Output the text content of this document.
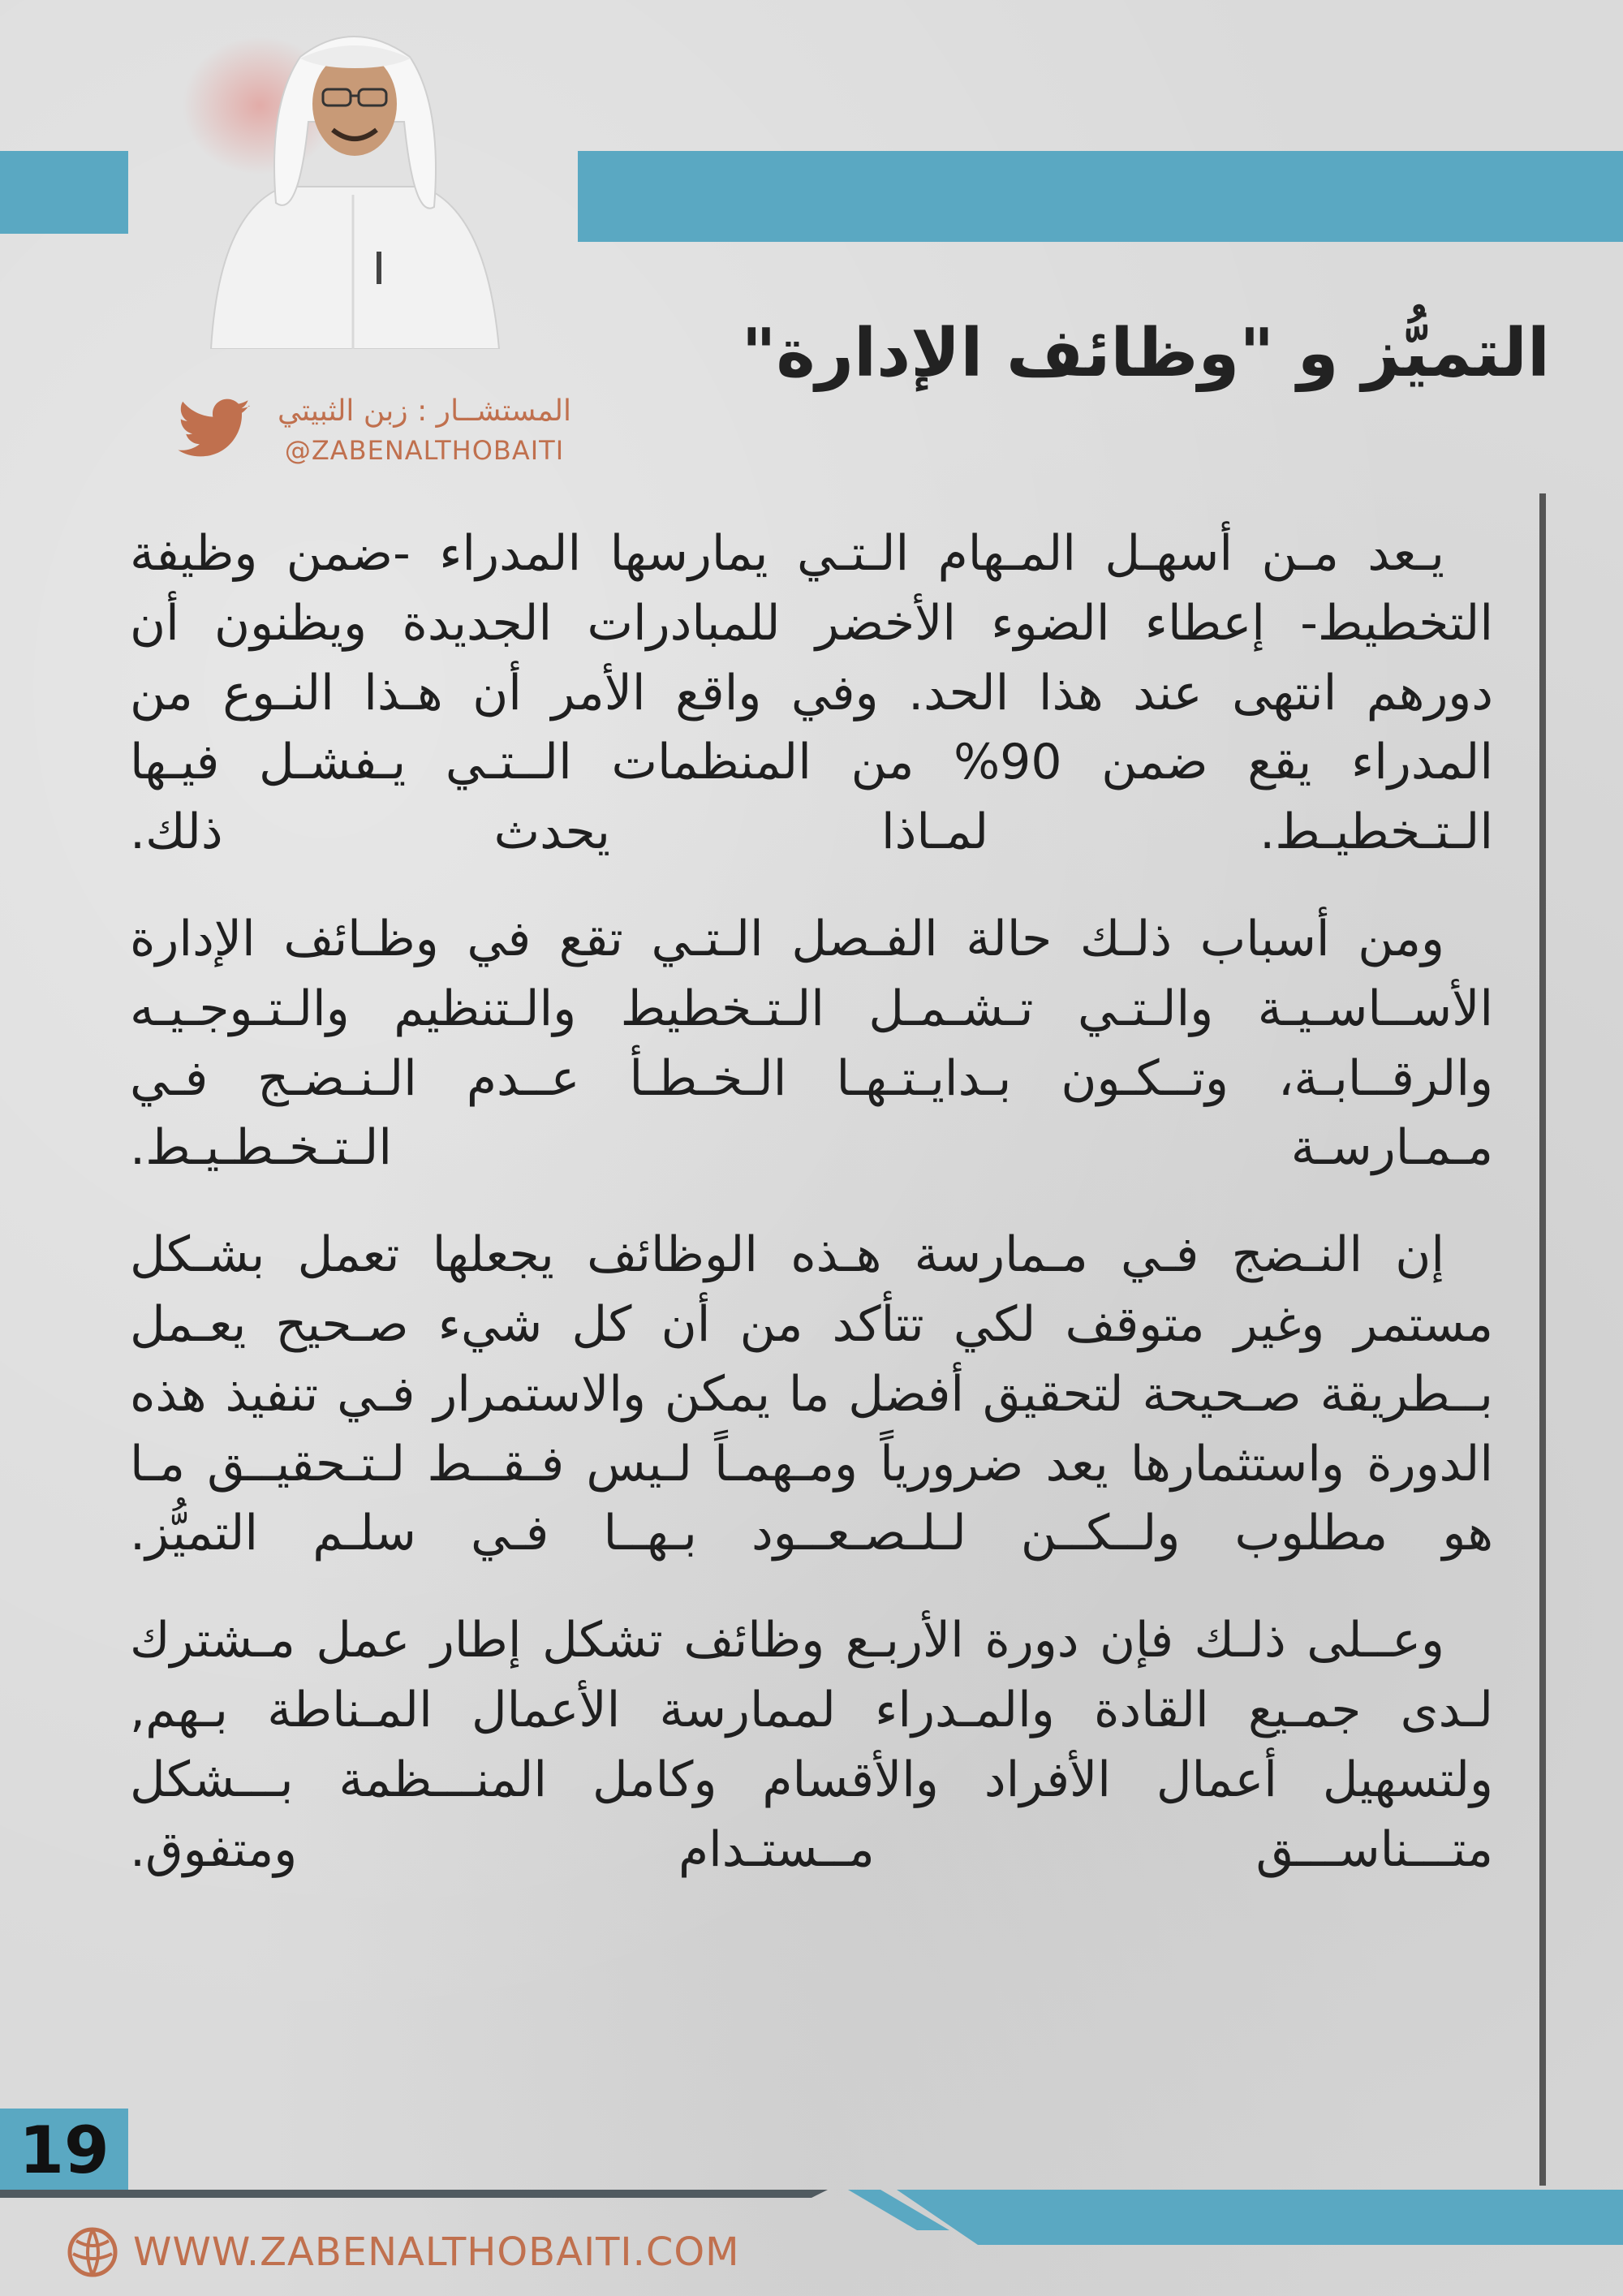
التميُّز و "وظائف الإدارة"
المستشــار : زبن الثبيتي
@ZABENALTHOBAITI

يـعد مـن أسهـل المـهام الـتـي يمارسها المدراء -ضمن وظيفة التخطيط- إعطاء الضوء الأخضر للمبادرات الجديدة ويظنون أن دورهم انتهى عند هذا الحد. وفي واقع الأمر أن هـذا النـوع من المدراء يقع ضمن 90% من المنظمات الــتـي يـفشـل فيـها الـتـخطيـط. لمـاذا يحدث ذلك.

ومن أسباب ذلـك حالة الفـصل الـتـي تقع في وظـائف الإدارة الأســاسـيـة والـتـي تـشـمـل الـتـخطيط والـتنظيم والـتـوجـيـه والرقــابـة، وتــكـون بـدايـتـهـا الـخـطـأ عــدم الـنـضـج فـي مـمـارسـة الـتـخـطـيـط.

إن النـضج فـي مـمارسة هـذه الوظائف يجعلها تعمل بشـكل مستمر وغير متوقف لكي تتأكد من أن كل شيء صـحيح يعـمل بــطريقة صـحيحة لتحقيق أفضل ما يمكن والاستمرار فـي تنفيذ هذه الدورة واستثمارها يعد ضرورياً ومـهمـاً لـيس فـقــط لـتـحقيــق مـا هو مطلوب ولــكــن لـلـصـعــود بـهــا فـي سلـم التميُّز.

وعــلى ذلـك فإن دورة الأربـع وظائف تشكل إطار عمل مـشترك لـدى جمـيع القادة والمـدراء لممارسة الأعمال المـناطة بـهم, ولتسهيل أعمال الأفراد والأقسام وكامل المنـــظمة بـــشكل متـــناســـق مــستـدام ومتفوق.

19
WWW.ZABENALTHOBAITI.COM
